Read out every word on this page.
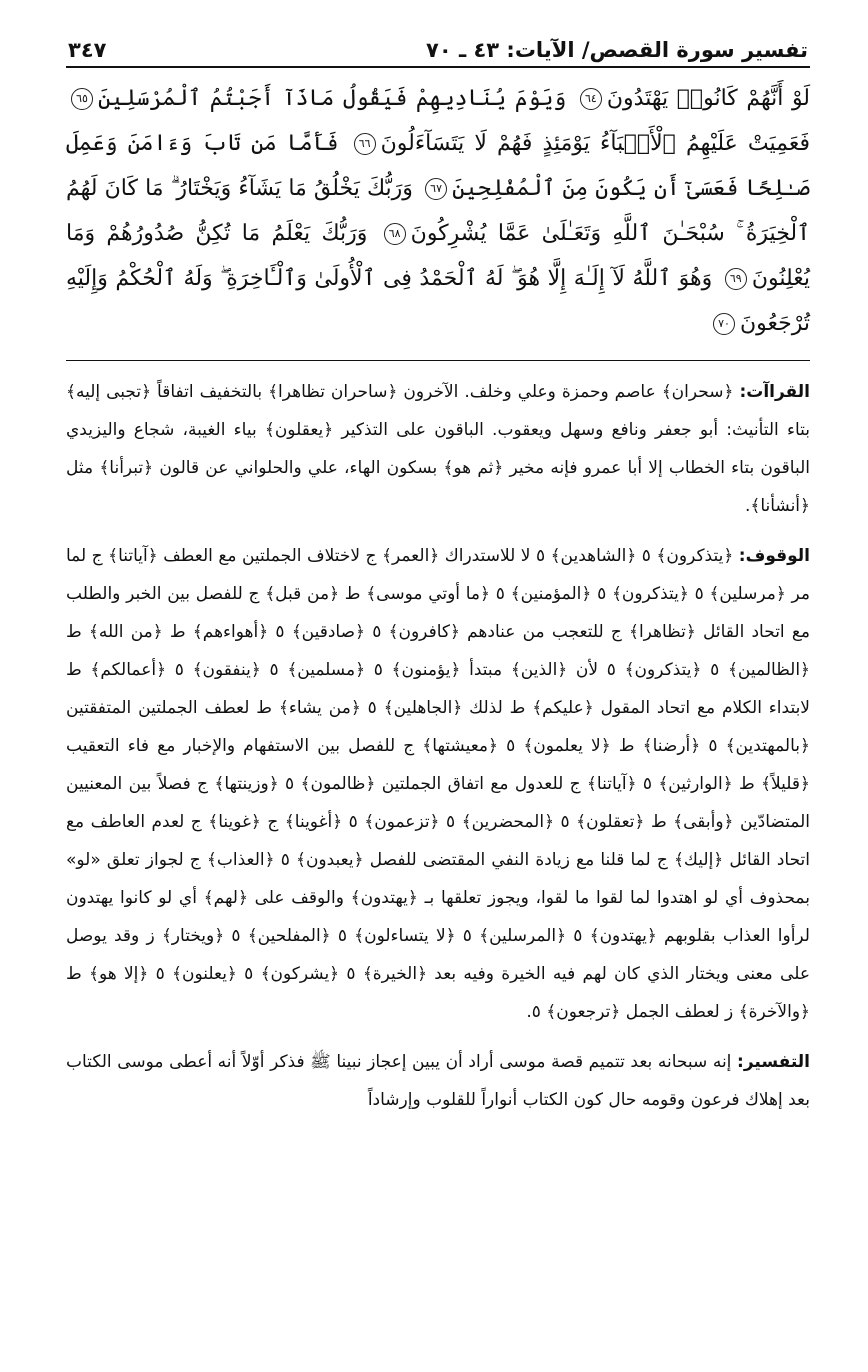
تفسير سورة القصص/ الآيات: ٤٣ ـ ٧٠
٣٤٧
لَوْ أَنَّهُمْ كَانُوا۟ يَهْتَدُونَ٦٤ وَيَوْمَ يُنَادِيهِمْ فَيَقُولُ مَاذَآ أَجَبْتُمُ ٱلْمُرْسَلِينَ٦٥ فَعَمِيَتْ عَلَيْهِمُ ٱلْأَنۢبَآءُ يَوْمَئِذٍ فَهُمْ لَا يَتَسَآءَلُونَ٦٦ فَأَمَّا مَن تَابَ وَءَامَنَ وَعَمِلَ صَـٰلِحًا فَعَسَىٰٓ أَن يَكُونَ مِنَ ٱلْمُفْلِحِينَ٦٧ وَرَبُّكَ يَخْلُقُ مَا يَشَآءُ وَيَخْتَارُ ۗ مَا كَانَ لَهُمُ ٱلْخِيَرَةُ ۚ سُبْحَـٰنَ ٱللَّهِ وَتَعَـٰلَىٰ عَمَّا يُشْرِكُونَ٦٨ وَرَبُّكَ يَعْلَمُ مَا تُكِنُّ صُدُورُهُمْ وَمَا يُعْلِنُونَ٦٩ وَهُوَ ٱللَّهُ لَآ إِلَـٰهَ إِلَّا هُوَ ۖ لَهُ ٱلْحَمْدُ فِى ٱلْأُولَىٰ وَٱلْـَٔاخِرَةِ ۖ وَلَهُ ٱلْحُكْمُ وَإِلَيْهِ تُرْجَعُونَ٧٠
القراآت: ﴿سحران﴾ عاصم وحمزة وعلي وخلف. الآخرون ﴿ساحران تظاهرا﴾ بالتخفيف اتفاقاً ﴿تجبى إليه﴾ بتاء التأنيث: أبو جعفر ونافع وسهل ويعقوب. الباقون على التذكير ﴿يعقلون﴾ بياء الغيبة، شجاع واليزيدي الباقون بتاء الخطاب إلا أبا عمرو فإنه مخير ﴿ثم هو﴾ بسكون الهاء، علي والحلواني عن قالون ﴿تبرأنا﴾ مثل ﴿أنشأنا﴾.
الوقوف: ﴿يتذكرون﴾ ٥ ﴿الشاهدين﴾ ٥ لا للاستدراك ﴿العمر﴾ ج لاختلاف الجملتين مع العطف ﴿آياتنا﴾ ج لما مر ﴿مرسلين﴾ ٥ ﴿يتذكرون﴾ ٥ ﴿المؤمنين﴾ ٥ ﴿ما أوتي موسى﴾ ط ﴿من قبل﴾ ج للفصل بين الخبر والطلب مع اتحاد القائل ﴿تظاهرا﴾ ج للتعجب من عنادهم ﴿كافرون﴾ ٥ ﴿صادقين﴾ ٥ ﴿أهواءهم﴾ ط ﴿من الله﴾ ط ﴿الظالمين﴾ ٥ ﴿يتذكرون﴾ ٥ لأن ﴿الذين﴾ مبتدأ ﴿يؤمنون﴾ ٥ ﴿مسلمين﴾ ٥ ﴿ينفقون﴾ ٥ ﴿أعمالكم﴾ ط لابتداء الكلام مع اتحاد المقول ﴿عليكم﴾ ط لذلك ﴿الجاهلين﴾ ٥ ﴿من يشاء﴾ ط لعطف الجملتين المتفقتين ﴿بالمهتدين﴾ ٥ ﴿أرضنا﴾ ط ﴿لا يعلمون﴾ ٥ ﴿معيشتها﴾ ج للفصل بين الاستفهام والإخبار مع فاء التعقيب ﴿قليلاً﴾ ط ﴿الوارثين﴾ ٥ ﴿آياتنا﴾ ج للعدول مع اتفاق الجملتين ﴿ظالمون﴾ ٥ ﴿وزينتها﴾ ج فصلاً بين المعنيين المتضادّين ﴿وأبقى﴾ ط ﴿تعقلون﴾ ٥ ﴿المحضرين﴾ ٥ ﴿تزعمون﴾ ٥ ﴿أغوينا﴾ ج ﴿غوينا﴾ ج لعدم العاطف مع اتحاد القائل ﴿إليك﴾ ج لما قلنا مع زيادة النفي المقتضى للفصل ﴿يعبدون﴾ ٥ ﴿العذاب﴾ ج لجواز تعلق «لو» بمحذوف أي لو اهتدوا لما لقوا ما لقوا، ويجوز تعلقها بـ ﴿يهتدون﴾ والوقف على ﴿لهم﴾ أي لو كانوا يهتدون لرأوا العذاب بقلوبهم ﴿يهتدون﴾ ٥ ﴿المرسلين﴾ ٥ ﴿لا يتساءلون﴾ ٥ ﴿المفلحين﴾ ٥ ﴿ويختار﴾ ز وقد يوصل على معنى ويختار الذي كان لهم فيه الخيرة وفيه بعد ﴿الخيرة﴾ ٥ ﴿يشركون﴾ ٥ ﴿يعلنون﴾ ٥ ﴿إلا هو﴾ ط ﴿والآخرة﴾ ز لعطف الجمل ﴿ترجعون﴾ ٥.
التفسير: إنه سبحانه بعد تتميم قصة موسى أراد أن يبين إعجاز نبينا ﷺ فذكر أوّلاً أنه أعطى موسى الكتاب بعد إهلاك فرعون وقومه حال كون الكتاب أنواراً للقلوب وإرشاداً
